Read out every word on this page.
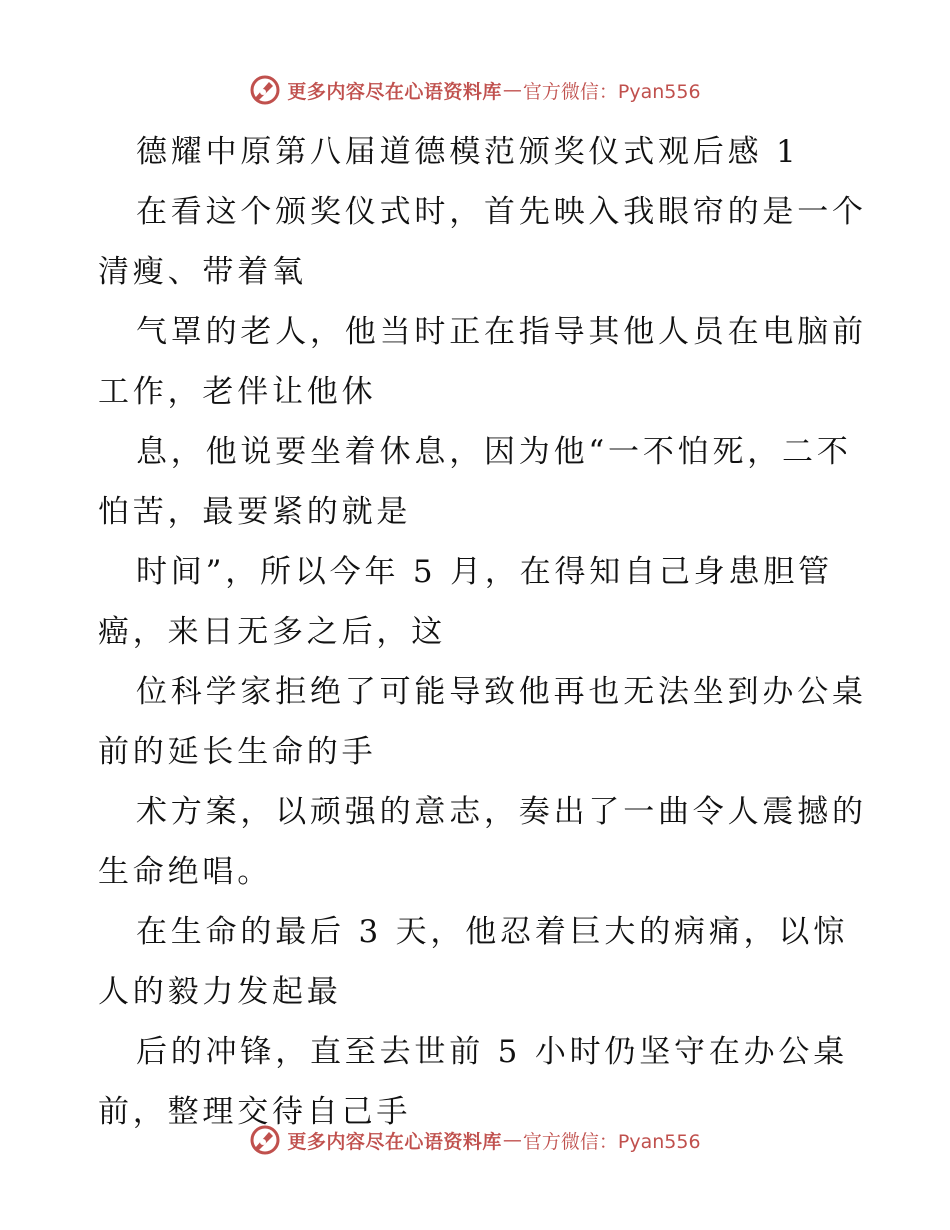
更多内容尽在心语资料库 — 官方微信：Pyan556
德耀中原第八届道德模范颁奖仪式观后感 1
在看这个颁奖仪式时，首先映入我眼帘的是一个
清瘦、带着氧
气罩的老人，他当时正在指导其他人员在电脑前
工作，老伴让他休
息，他说要坐着休息，因为他“一不怕死，二不
怕苦，最要紧的就是
时间”，所以今年 5 月，在得知自己身患胆管
癌，来日无多之后，这
位科学家拒绝了可能导致他再也无法坐到办公桌
前的延长生命的手
术方案，以顽强的意志，奏出了一曲令人震撼的
生命绝唱。
在生命的最后 3 天，他忍着巨大的病痛，以惊
人的毅力发起最
后的冲锋，直至去世前 5 小时仍坚守在办公桌
前，整理交待自己手
更多内容尽在心语资料库 — 官方微信：Pyan556
